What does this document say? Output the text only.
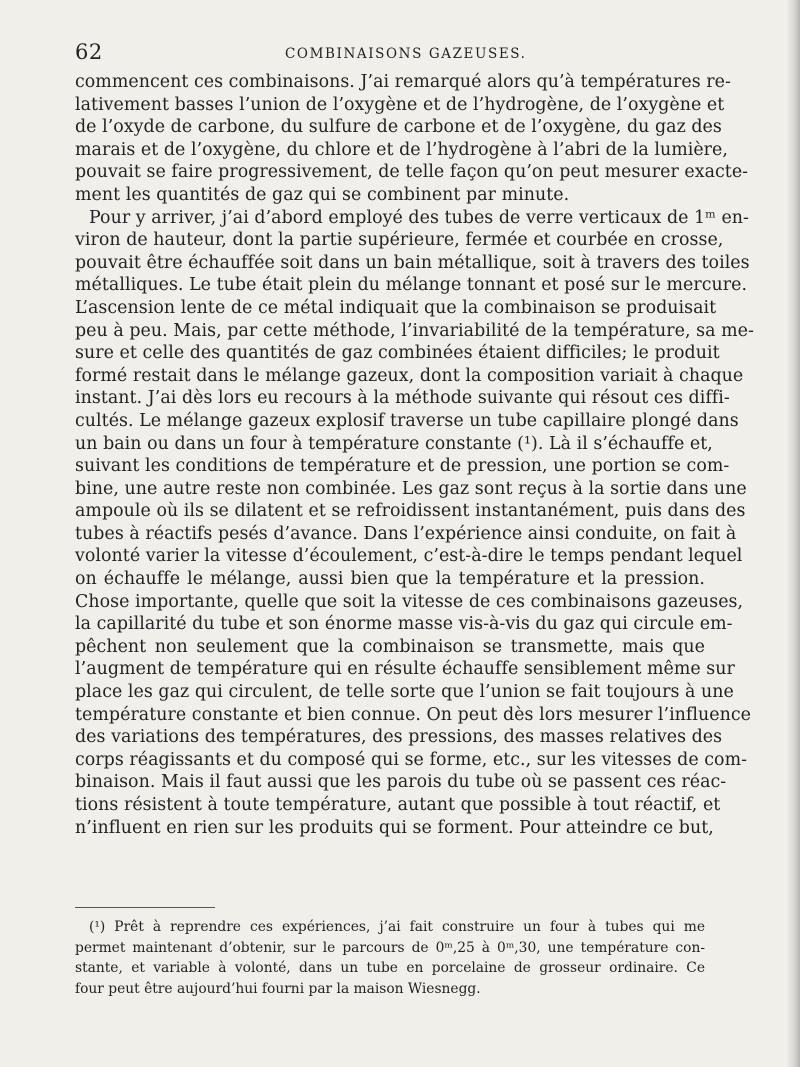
62	COMBINAISONS GAZEUSES.
commencent ces combinaisons. J’ai remarqué alors qu’à températures re-
lativement basses l’union de l’oxygène et de l’hydrogène, de l’oxygène et
de l’oxyde de carbone, du sulfure de carbone et de l’oxygène, du gaz des
marais et de l’oxygène, du chlore et de l’hydrogène à l’abri de la lumière,
pouvait se faire progressivement, de telle façon qu’on peut mesurer exacte-
ment les quantités de gaz qui se combinent par minute.
Pour y arriver, j’ai d’abord employé des tubes de verre verticaux de 1ᵐ en-
viron de hauteur, dont la partie supérieure, fermée et courbée en crosse,
pouvait être échauffée soit dans un bain métallique, soit à travers des toiles
métalliques. Le tube était plein du mélange tonnant et posé sur le mercure.
L’ascension lente de ce métal indiquait que la combinaison se produisait
peu à peu. Mais, par cette méthode, l’invariabilité de la température, sa me-
sure et celle des quantités de gaz combinées étaient difficiles; le produit
formé restait dans le mélange gazeux, dont la composition variait à chaque
instant. J’ai dès lors eu recours à la méthode suivante qui résout ces diffi-
cultés. Le mélange gazeux explosif traverse un tube capillaire plongé dans
un bain ou dans un four à température constante (¹). Là il s’échauffe et,
suivant les conditions de température et de pression, une portion se com-
bine, une autre reste non combinée. Les gaz sont reçus à la sortie dans une
ampoule où ils se dilatent et se refroidissent instantanément, puis dans des
tubes à réactifs pesés d’avance. Dans l’expérience ainsi conduite, on fait à
volonté varier la vitesse d’écoulement, c’est-à-dire le temps pendant lequel
on échauffe le mélange, aussi bien que la température et la pression.
Chose importante, quelle que soit la vitesse de ces combinaisons gazeuses,
la capillarité du tube et son énorme masse vis-à-vis du gaz qui circule em-
pêchent non seulement que la combinaison se transmette, mais que
l’augment de température qui en résulte échauffe sensiblement même sur
place les gaz qui circulent, de telle sorte que l’union se fait toujours à une
température constante et bien connue. On peut dès lors mesurer l’influence
des variations des températures, des pressions, des masses relatives des
corps réagissants et du composé qui se forme, etc., sur les vitesses de com-
binaison. Mais il faut aussi que les parois du tube où se passent ces réac-
tions résistent à toute température, autant que possible à tout réactif, et
n’influent en rien sur les produits qui se forment. Pour atteindre ce but,
(¹) Prêt à reprendre ces expériences, j’ai fait construire un four à tubes qui me
permet maintenant d’obtenir, sur le parcours de 0ᵐ,25 à 0ᵐ,30, une température con-
stante, et variable à volonté, dans un tube en porcelaine de grosseur ordinaire. Ce
four peut être aujourd’hui fourni par la maison Wiesnegg.
